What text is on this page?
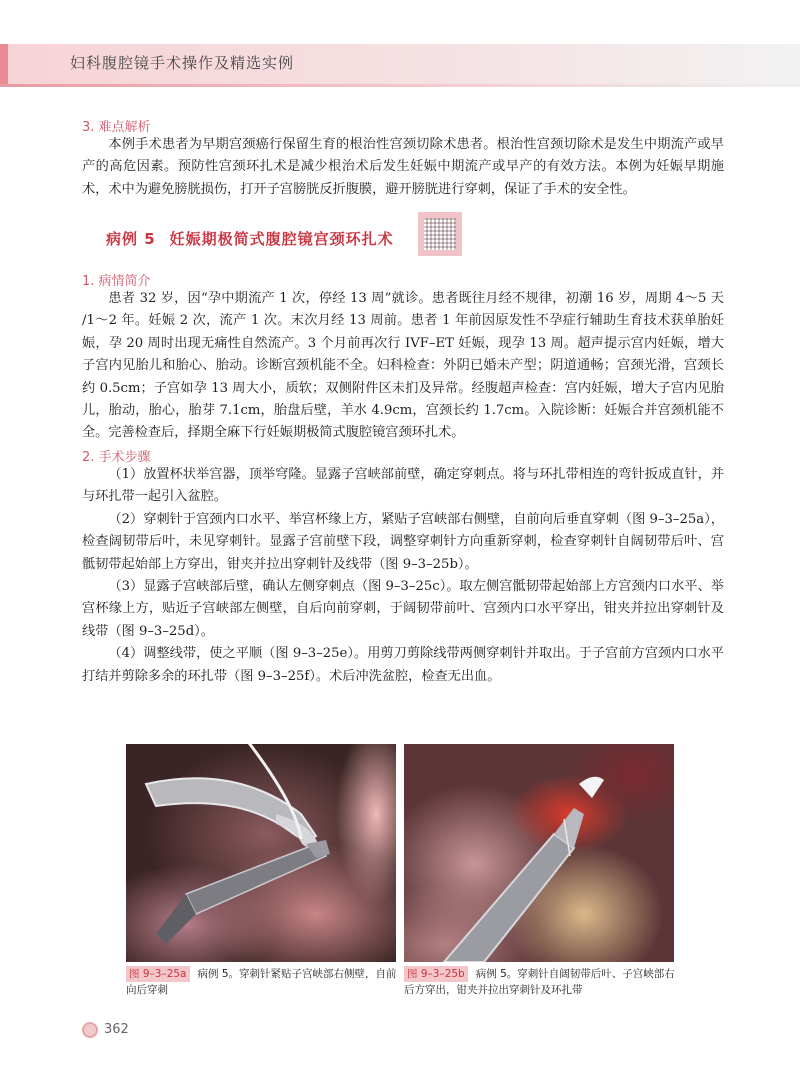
妇科腹腔镜手术操作及精选实例
3. 难点解析

本例手术患者为早期宫颈癌行保留生育的根治性宫颈切除术患者。根治性宫颈切除术是发生中期流产或早产的高危因素。预防性宫颈环扎术是减少根治术后发生妊娠中期流产或早产的有效方法。本例为妊娠早期施术，术中为避免膀胱损伤，打开子宫膀胱反折腹膜，避开膀胱进行穿刺，保证了手术的安全性。

病例 5 妊娠期极简式腹腔镜宫颈环扎术
1. 病情简介

患者 32 岁，因“孕中期流产 1 次，停经 13 周”就诊。患者既往月经不规律，初潮 16 岁，周期 4～5 天 /1～2 年。妊娠 2 次，流产 1 次。末次月经 13 周前。患者 1 年前因原发性不孕症行辅助生育技术获单胎妊娠，孕 20 周时出现无痛性自然流产。3 个月前再次行 IVF–ET 妊娠，现孕 13 周。超声提示宫内妊娠，增大子宫内见胎儿和胎心、胎动。诊断宫颈机能不全。妇科检查：外阴已婚未产型；阴道通畅；宫颈光滑，宫颈长约 0.5cm；子宫如孕 13 周大小，质软；双侧附件区未扪及异常。经腹超声检查：宫内妊娠，增大子宫内见胎儿，胎动，胎心，胎芽 7.1cm，胎盘后壁，羊水 4.9cm，宫颈长约 1.7cm。入院诊断：妊娠合并宫颈机能不全。完善检查后，择期全麻下行妊娠期极简式腹腔镜宫颈环扎术。

2. 手术步骤

（1）放置杯状举宫器，顶举穹隆。显露子宫峡部前壁，确定穿刺点。将与环扎带相连的弯针扳成直针，并与环扎带一起引入盆腔。

（2）穿刺针于宫颈内口水平、举宫杯缘上方，紧贴子宫峡部右侧壁，自前向后垂直穿刺（图 9–3–25a），检查阔韧带后叶，未见穿刺针。显露子宫前壁下段，调整穿刺针方向重新穿刺，检查穿刺针自阔韧带后叶、宫骶韧带起始部上方穿出，钳夹并拉出穿刺针及线带（图 9–3–25b）。

（3）显露子宫峡部后壁，确认左侧穿刺点（图 9–3–25c）。取左侧宫骶韧带起始部上方宫颈内口水平、举宫杯缘上方，贴近子宫峡部左侧壁，自后向前穿刺，于阔韧带前叶、宫颈内口水平穿出，钳夹并拉出穿刺针及线带（图 9–3–25d）。

（4）调整线带，使之平顺（图 9–3–25e）。用剪刀剪除线带两侧穿刺针并取出。于子宫前方宫颈内口水平打结并剪除多余的环扎带（图 9–3–25f）。术后冲洗盆腔，检查无出血。

图 9–3–25a 病例 5。穿刺针紧贴子宫峡部右侧壁，自前向后穿刺
图 9–3–25b 病例 5。穿刺针自阔韧带后叶、子宫峡部右后方穿出，钳夹并拉出穿刺针及环扎带
362
